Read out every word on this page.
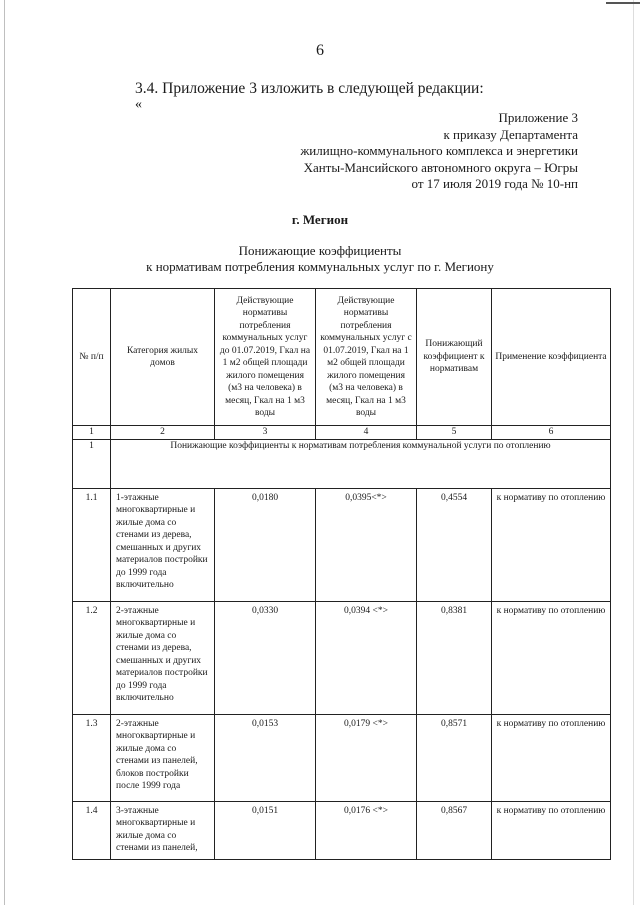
6
3.4. Приложение 3 изложить в следующей редакции:
«
Приложение 3
к приказу Департамента
жилищно-коммунального комплекса и энергетики
Ханты-Мансийского автономного округа – Югры
от 17 июля 2019 года № 10-нп
г. Мегион
Понижающие коэффициенты
к нормативам потребления коммунальных услуг по г. Мегиону
№ п/п	Категория жилых домов	Действующие нормативы потребления коммунальных услуг до 01.07.2019, Гкал на 1 м2 общей площади жилого помещения (м3 на человека) в месяц, Гкал на 1 м3 воды	Действующие нормативы потребления коммунальных услуг с 01.07.2019, Гкал на 1 м2 общей площади жилого помещения (м3 на человека) в месяц, Гкал на 1 м3 воды	Понижающий коэффициент к нормативам	Применение коэффициента
1	2	3	4	5	6
1	Понижающие коэффициенты к нормативам потребления коммунальной услуги по отоплению				
1.1	1-этажные многоквартирные и жилые дома со стенами из дерева, смешанных и других материалов постройки до 1999 года включительно	0,0180	0,0395<*>	0,4554	к нормативу по отоплению
1.2	2-этажные многоквартирные и жилые дома со стенами из дерева, смешанных и других материалов постройки до 1999 года включительно	0,0330	0,0394 <*>	0,8381	к нормативу по отоплению
1.3	2-этажные многоквартирные и жилые дома со стенами из панелей, блоков постройки после 1999 года	0,0153	0,0179 <*>	0,8571	к нормативу по отоплению
1.4	3-этажные многоквартирные и жилые дома со стенами из панелей,	0,0151	0,0176 <*>	0,8567	к нормативу по отоплению
